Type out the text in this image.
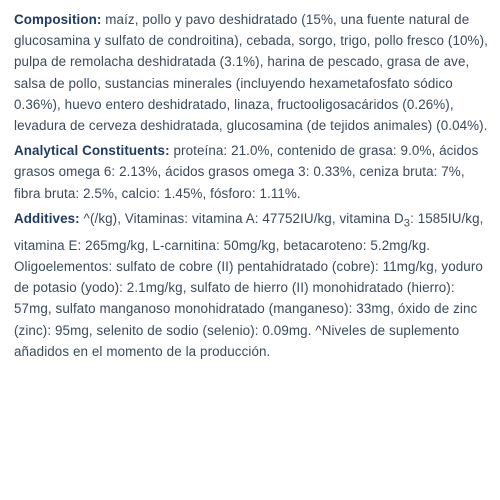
Composition: maíz, pollo y pavo deshidratado (15%, una fuente natural de glucosamina y sulfato de condroitina), cebada, sorgo, trigo, pollo fresco (10%), pulpa de remolacha deshidratada (3.1%), harina de pescado, grasa de ave, salsa de pollo, sustancias minerales (incluyendo hexametafosfato sódico 0.36%), huevo entero deshidratado, linaza, fructooligosacáridos (0.26%), levadura de cerveza deshidratada, glucosamina (de tejidos animales) (0.04%).

Analytical Constituents: proteína: 21.0%, contenido de grasa: 9.0%, ácidos grasos omega 6: 2.13%, ácidos grasos omega 3: 0.33%, ceniza bruta: 7%, fibra bruta: 2.5%, calcio: 1.45%, fósforo: 1.11%.

Additives: ^(/kg), Vitaminas: vitamina A: 47752IU/kg, vitamina $D_3$: 1585IU/kg, vitamina E: 265mg/kg, L-carnitina: 50mg/kg, betacaroteno: 5.2mg/kg. Oligoelementos: sulfato de cobre (II) pentahidratado (cobre): 11mg/kg, yoduro de potasio (yodo): 2.1mg/kg, sulfato de hierro (II) monohidratado (hierro): 57mg, sulfato manganoso monohidratado (manganeso): 33mg, óxido de zinc (zinc): 95mg, selenito de sodio (selenio): 0.09mg. ^Niveles de suplemento añadidos en el momento de la producción.
